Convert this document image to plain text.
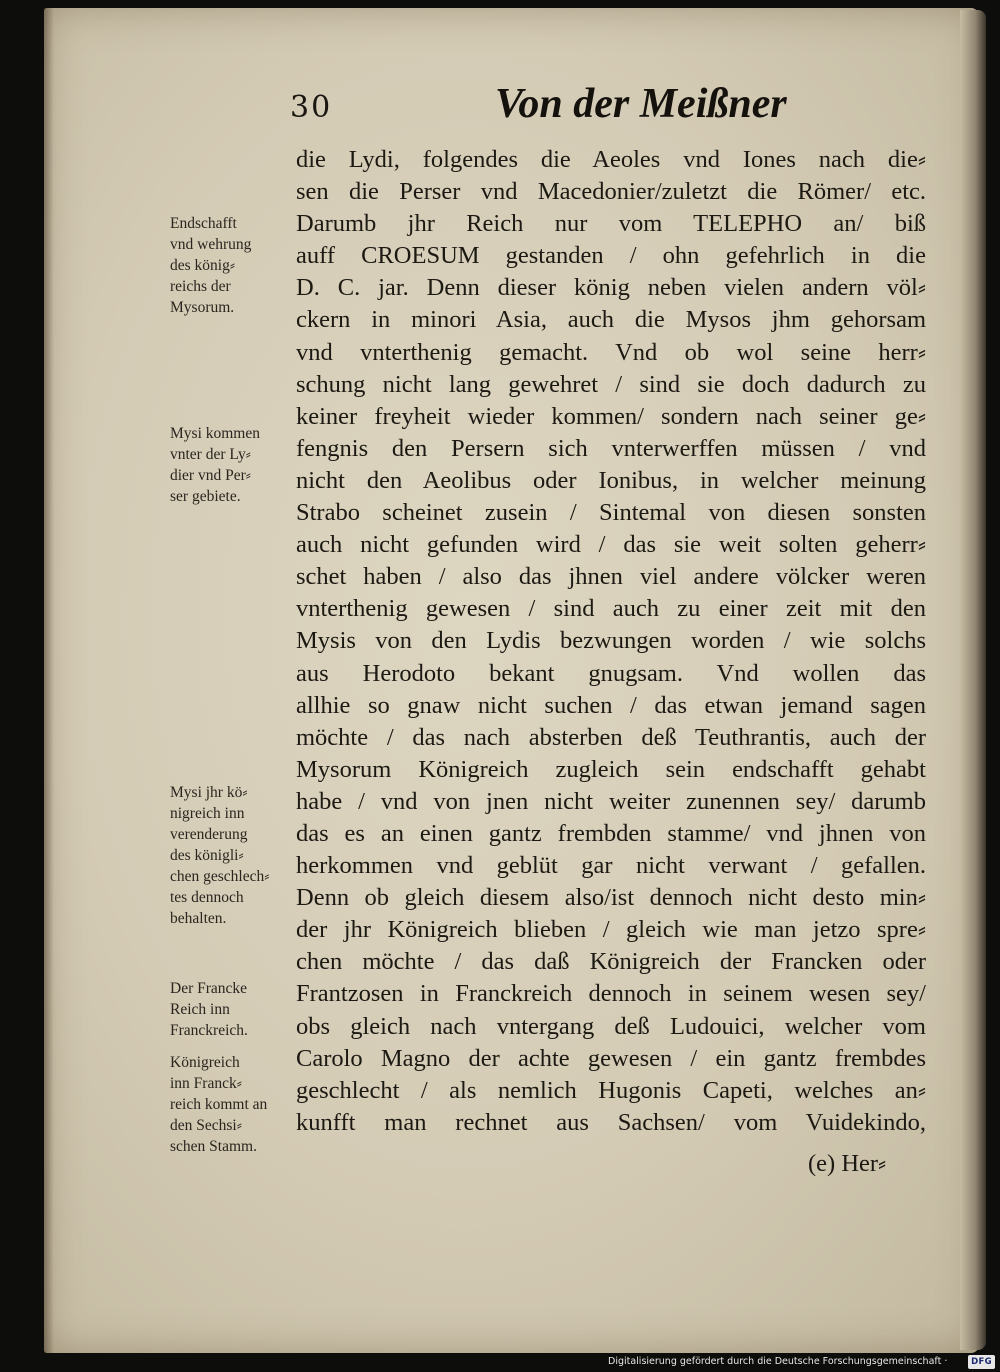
30	Von der Meißner
Endschafft
vnd wehrung
des könig⸗
reichs der
Mysorum.
Mysi kommen
vnter der Ly⸗
dier vnd Per⸗
ser gebiete.
Mysi jhr kö⸗
nigreich inn
verenderung
des königli⸗
chen geschlech⸗
tes dennoch
behalten.
Der Francke
Reich inn
Franckreich.
Königreich
inn Franck⸗
reich kommt an
den Sechsi⸗
schen Stamm.
die Lydi, folgendes die Aeoles vnd Iones nach die⸗
sen die Perser vnd Macedonier/zuletzt die Römer/ etc.
Darumb jhr Reich nur vom TELEPHO an/ biß
auff CROESUM gestanden / ohn gefehrlich in die
D. C. jar. Denn dieser könig neben vielen andern völ⸗
ckern in minori Asia, auch die Mysos jhm gehorsam
vnd vnterthenig gemacht. Vnd ob wol seine herr⸗
schung nicht lang gewehret / sind sie doch dadurch zu
keiner freyheit wieder kommen/ sondern nach seiner ge⸗
fengnis den Persern sich vnterwerffen müssen / vnd
nicht den Aeolibus oder Ionibus, in welcher meinung
Strabo scheinet zusein / Sintemal von diesen sonsten
auch nicht gefunden wird / das sie weit solten geherr⸗
schet haben / also das jhnen viel andere völcker weren
vnterthenig gewesen / sind auch zu einer zeit mit den
Mysis von den Lydis bezwungen worden / wie solchs
aus Herodoto bekant gnugsam. Vnd wollen das
allhie so gnaw nicht suchen / das etwan jemand sagen
möchte / das nach absterben deß Teuthrantis, auch der
Mysorum Königreich zugleich sein endschafft gehabt
habe / vnd von jnen nicht weiter zunennen sey/ darumb
das es an einen gantz frembden stamme/ vnd jhnen von
herkommen vnd geblüt gar nicht verwant / gefallen.
Denn ob gleich diesem also/ist dennoch nicht desto min⸗
der jhr Königreich blieben / gleich wie man jetzo spre⸗
chen möchte / das daß Königreich der Francken oder
Frantzosen in Franckreich dennoch in seinem wesen sey/
obs gleich nach vntergang deß Ludouici, welcher vom
Carolo Magno der achte gewesen / ein gantz frembdes
geschlecht / als nemlich Hugonis Capeti, welches an⸗
kunfft man rechnet aus Sachsen/ vom Vuidekindo,
(e) Her⸗
Digitalisierung gefördert durch die Deutsche Forschungsgemeinschaft ·	DFG
